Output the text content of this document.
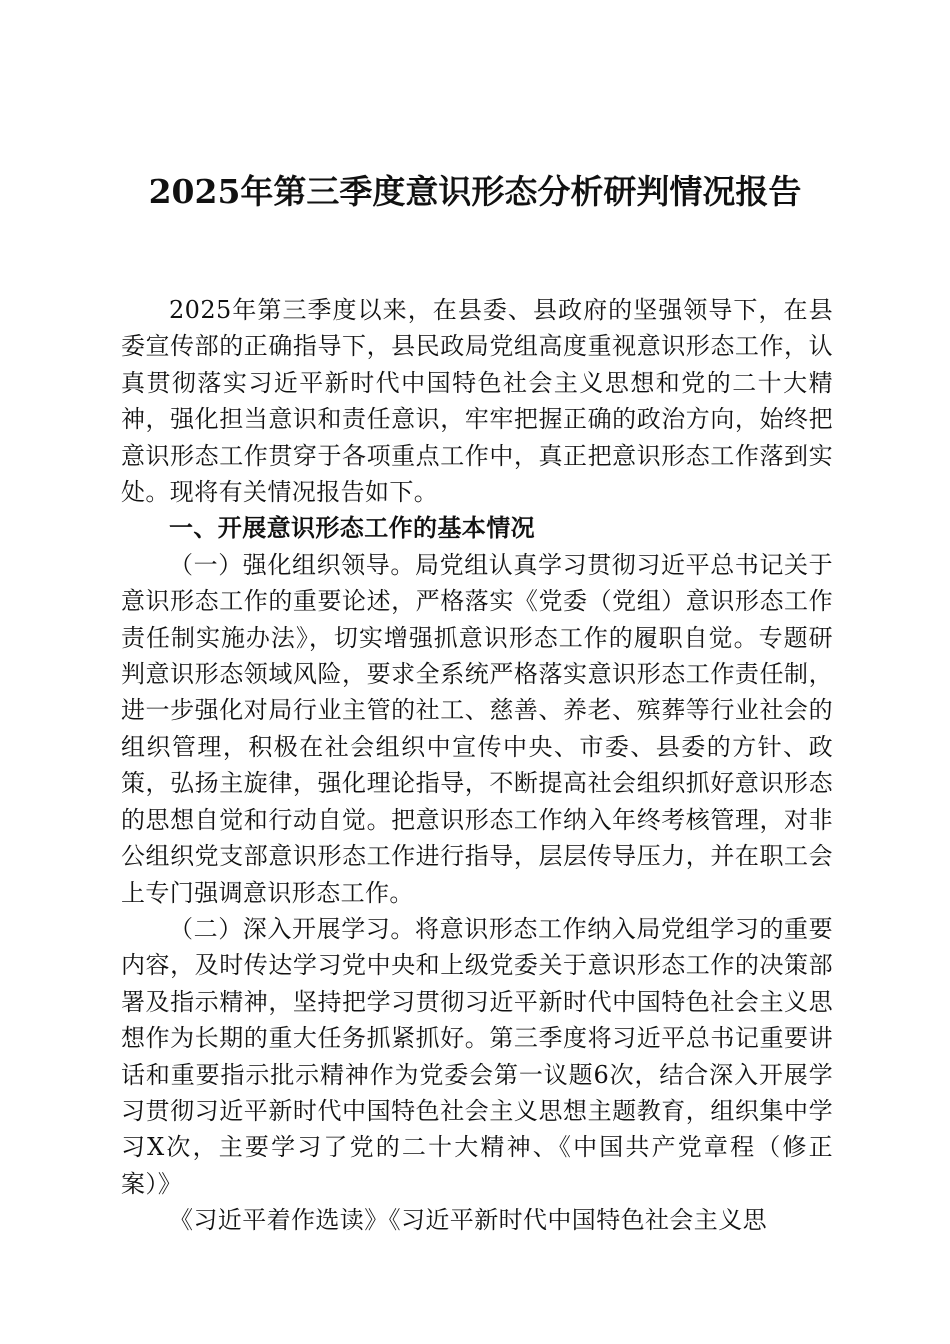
2025年第三季度意识形态分析研判情况报告

2025年第三季度以来，在县委、县政府的坚强领导下，在县委宣传部的正确指导下，县民政局党组高度重视意识形态工作，认真贯彻落实习近平新时代中国特色社会主义思想和党的二十大精神，强化担当意识和责任意识，牢牢把握正确的政治方向，始终把意识形态工作贯穿于各项重点工作中，真正把意识形态工作落到实处。现将有关情况报告如下。

一、开展意识形态工作的基本情况

（一）强化组织领导。局党组认真学习贯彻习近平总书记关于意识形态工作的重要论述，严格落实《党委（党组）意识形态工作责任制实施办法》，切实增强抓意识形态工作的履职自觉。专题研判意识形态领域风险，要求全系统严格落实意识形态工作责任制，进一步强化对局行业主管的社工、慈善、养老、殡葬等行业社会的组织管理，积极在社会组织中宣传中央、市委、县委的方针、政策，弘扬主旋律，强化理论指导，不断提高社会组织抓好意识形态的思想自觉和行动自觉。把意识形态工作纳入年终考核管理，对非公组织党支部意识形态工作进行指导，层层传导压力，并在职工会上专门强调意识形态工作。

（二）深入开展学习。将意识形态工作纳入局党组学习的重要内容，及时传达学习党中央和上级党委关于意识形态工作的决策部署及指示精神，坚持把学习贯彻习近平新时代中国特色社会主义思想作为长期的重大任务抓紧抓好。第三季度将习近平总书记重要讲话和重要指示批示精神作为党委会第一议题6次，结合深入开展学习贯彻习近平新时代中国特色社会主义思想主题教育，组织集中学习X次，主要学习了党的二十大精神、《中国共产党章程（修正案）》

《习近平着作选读》《习近平新时代中国特色社会主义思
